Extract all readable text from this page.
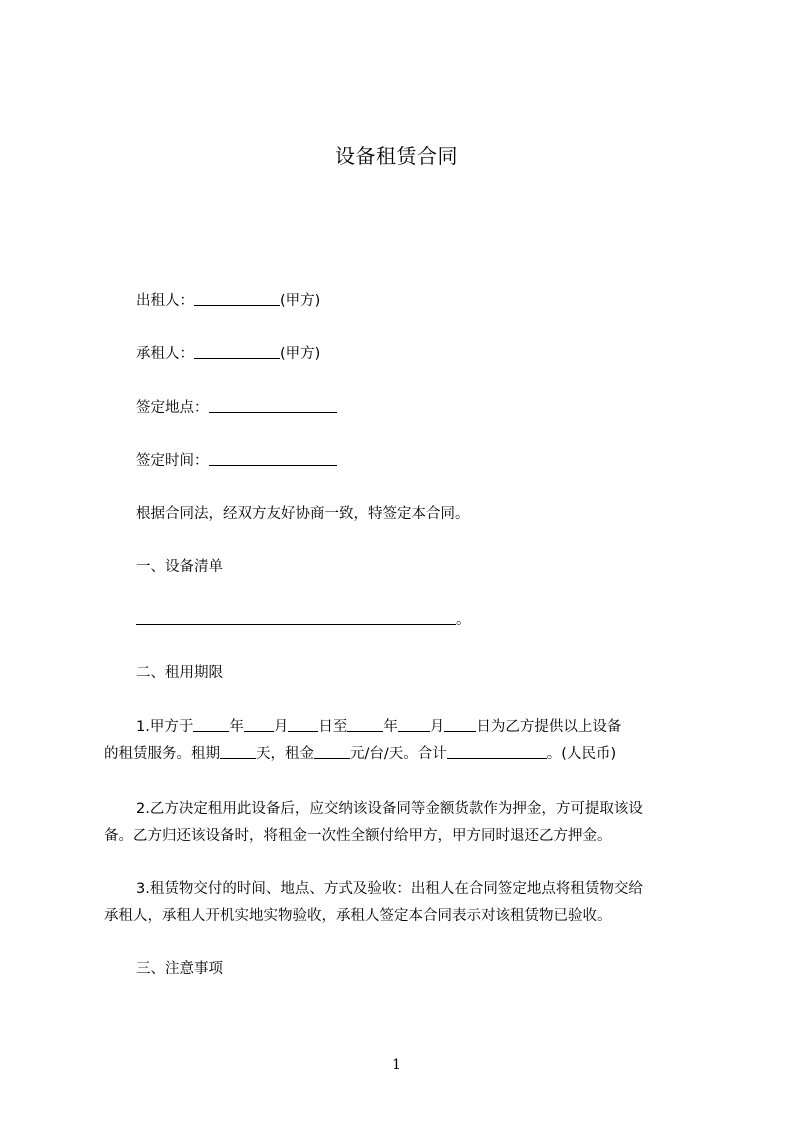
设备租赁合同
出租人：	(甲方)
承租人：	(甲方)
签定地点：
签定时间：
根据合同法，经双方友好协商一致，特签定本合同。
一、设备清单
。
二、租用期限
1.甲方于 年 月 日至 年 月 日为乙方提供以上设备
的租赁服务。租期 天，租金 元/台/天。合计	。(人民币)
2.乙方决定租用此设备后，应交纳该设备同等金额货款作为押金，方可提取该设
备。乙方归还该设备时，将租金一次性全额付给甲方，甲方同时退还乙方押金。
3.租赁物交付的时间、地点、方式及验收：出租人在合同签定地点将租赁物交给
承租人，承租人开机实地实物验收，承租人签定本合同表示对该租赁物已验收。
三、注意事项
1
